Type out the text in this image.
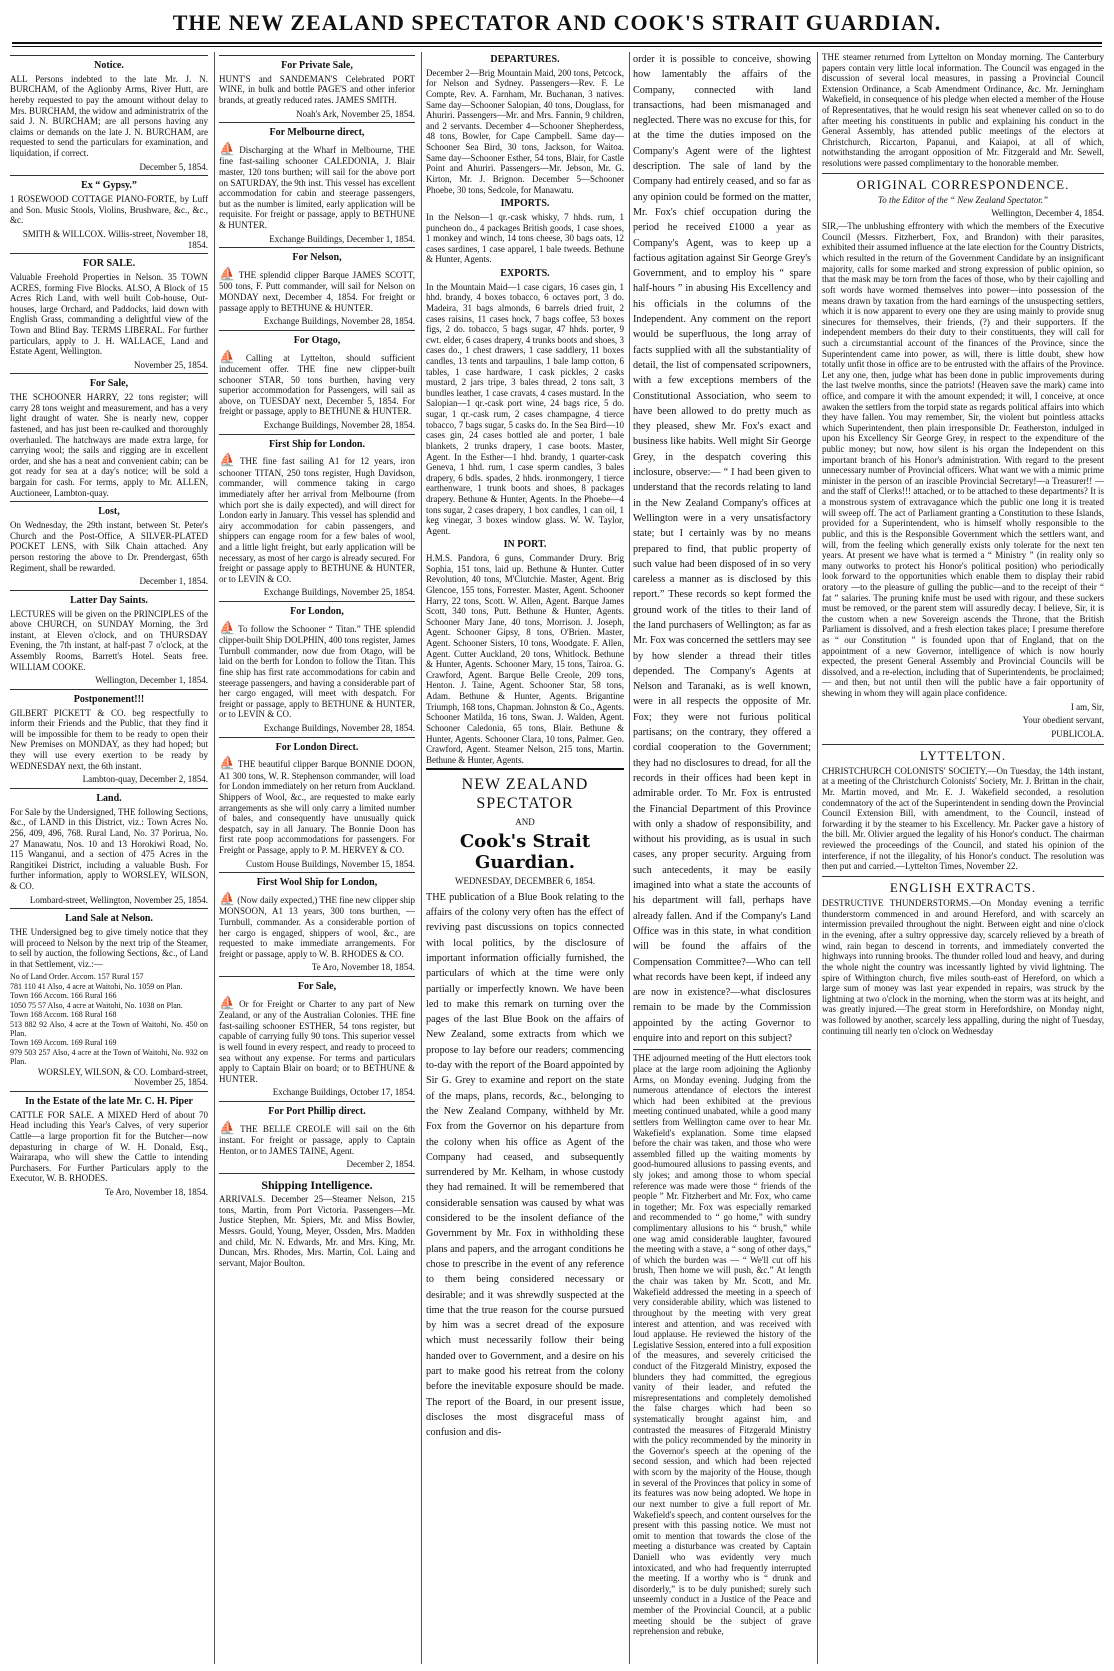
THE NEW ZEALAND SPECTATOR AND COOK'S STRAIT GUARDIAN.
Notice.

ALL Persons indebted to the late Mr. J. N. BURCHAM, of the Aglionby Arms, River Hutt, are hereby requested to pay the amount without delay to Mrs. BURCHAM, the widow and administratrix of the said J. N. BURCHAM; are all persons having any claims or demands on the late J. N. BURCHAM, are requested to send the particulars for examination, and liquidation, if correct.

December 5, 1854.

Ex “ Gypsy.”

1 ROSEWOOD COTTAGE PIANO-FORTE, by Luff and Son. Music Stools, Violins, Brushware, &c., &c., &c.

SMITH & WILLCOX. Willis-street, November 18, 1854.

FOR SALE.

Valuable Freehold Properties in Nelson. 35 TOWN ACRES, forming Five Blocks. ALSO, A Block of 15 Acres Rich Land, with well built Cob-house, Out-houses, large Orchard, and Paddocks, laid down with English Grass, commanding a delightful view of the Town and Blind Bay. TERMS LIBERAL. For further particulars, apply to J. H. WALLACE, Land and Estate Agent, Wellington.

November 25, 1854.

For Sale,

THE SCHOONER HARRY, 22 tons register; will carry 28 tons weight and measurement, and has a very light draught of water. She is nearly new, copper fastened, and has just been re-caulked and thoroughly overhauled. The hatchways are made extra large, for carrying wool; the sails and rigging are in excellent order, and she has a neat and convenient cabin; can be got ready for sea at a day's notice; will be sold a bargain for cash. For terms, apply to Mr. ALLEN, Auctioneer, Lambton-quay.

Lost,

On Wednesday, the 29th instant, between St. Peter's Church and the Post-Office, A SILVER-PLATED POCKET LENS, with Silk Chain attached. Any person restoring the above to Dr. Prendergast, 65th Regiment, shall be rewarded.

December 1, 1854.

Latter Day Saints.

LECTURES will be given on the PRINCIPLES of the above CHURCH, on SUNDAY Morning, the 3rd instant, at Eleven o'clock, and on THURSDAY Evening, the 7th instant, at half-past 7 o'clock, at the Assembly Rooms, Barrett's Hotel. Seats free. WILLIAM COOKE.

Wellington, December 1, 1854.

Postponement!!!

GILBERT PICKETT & CO. beg respectfully to inform their Friends and the Public, that they find it will be impossible for them to be ready to open their New Premises on MONDAY, as they had hoped; but they will use every exertion to be ready by WEDNESDAY next, the 6th instant.

Lambton-quay, December 2, 1854.

Land.

For Sale by the Undersigned, THE following Sections, &c., of LAND in this District, viz.: Town Acres No. 256, 409, 496, 768. Rural Land, No. 37 Porirua, No. 27 Manawatu, Nos. 10 and 13 Horokiwi Road, No. 115 Wanganui, and a section of 475 Acres in the Rangitikei District, including a valuable Bush. For further information, apply to WORSLEY, WILSON, & CO.

Lombard-street, Wellington, November 25, 1854.

Land Sale at Nelson.

THE Undersigned beg to give timely notice that they will proceed to Nelson by the next trip of the Steamer, to sell by auction, the following Sections, &c., of Land in that Settlement, viz.:—

No of Land Order. Accom. 157 Rural 157
781 110 41 Also, 4 acre at Waitohi, No. 1059 on Plan.
Town 166 Accom. 166 Rural 166
1050 75 57 Also, 4 acre at Waitohi, No. 1038 on Plan.
Town 168 Accom. 168 Rural 168
513 882 92 Also, 4 acre at the Town of Waitohi, No. 450 on Plan.
Town 169 Accom. 169 Rural 169
979 503 257 Also, 4 acre at the Town of Waitohi, No. 932 on Plan.

WORSLEY, WILSON, & CO. Lombard-street, November 25, 1854.

In the Estate of the late Mr. C. H. Piper

CATTLE FOR SALE. A MIXED Herd of about 70 Head including this Year's Calves, of very superior Cattle—a large proportion fit for the Butcher—now depasturing in charge of W. H. Donald, Esq., Wairarapa, who will shew the Cattle to intending Purchasers. For Further Particulars apply to the Executor, W. B. RHODES.

Te Aro, November 18, 1854.

For Private Sale,

HUNT'S and SANDEMAN'S Celebrated PORT WINE, in bulk and bottle PAGE'S and other inferior brands, at greatly reduced rates. JAMES SMITH.

Noah's Ark, November 25, 1854.

For Melbourne direct,

⛵ Discharging at the Wharf in Melbourne, THE fine fast-sailing schooner CALEDONIA, J. Blair master, 120 tons burthen; will sail for the above port on SATURDAY, the 9th inst. This vessel has excellent accommodation for cabin and steerage passengers, but as the number is limited, early application will be requisite. For freight or passage, apply to BETHUNE & HUNTER.

Exchange Buildings, December 1, 1854.

For Nelson,

⛵ THE splendid clipper Barque JAMES SCOTT, 500 tons, F. Putt commander, will sail for Nelson on MONDAY next, December 4, 1854. For freight or passage apply to BETHUNE & HUNTER.

Exchange Buildings, November 28, 1854.

For Otago,

⛵ Calling at Lyttelton, should sufficient inducement offer. THE fine new clipper-built schooner STAR, 50 tons burthen, having very superior accommodation for Passengers, will sail as above, on TUESDAY next, December 5, 1854. For freight or passage, apply to BETHUNE & HUNTER.

Exchange Buildings, November 28, 1854.

First Ship for London.

⛵ THE fine fast sailing A1 for 12 years, iron schooner TITAN, 250 tons register, Hugh Davidson, commander, will commence taking in cargo immediately after her arrival from Melbourne (from which port she is daily expected), and will direct for London early in January. This vessel has splendid and airy accommodation for cabin passengers, and shippers can engage room for a few bales of wool, and a little light freight, but early application will be necessary, as most of her cargo is already secured. For freight or passage apply to BETHUNE & HUNTER, or to LEVIN & CO.

Exchange Buildings, November 25, 1854.

For London,

⛵ To follow the Schooner “ Titan.” THE splendid clipper-built Ship DOLPHIN, 400 tons register, James Turnbull commander, now due from Otago, will be laid on the berth for London to follow the Titan. This fine ship has first rate accommodations for cabin and steerage passengers, and having a considerable part of her cargo engaged, will meet with despatch. For freight or passage, apply to BETHUNE & HUNTER, or to LEVIN & CO.

Exchange Buildings, November 28, 1854.

For London Direct.

⛵ THE beautiful clipper Barque BONNIE DOON, A1 300 tons, W. R. Stephenson commander, will load for London immediately on her return from Auckland. Shippers of Wool, &c., are requested to make early arrangements as she will only carry a limited number of bales, and consequently have unusually quick despatch, say in all January. The Bonnie Doon has first rate poop accommodations for passengers. For Freight or Passage, apply to P. M. HERVEY & CO.

Custom House Buildings, November 15, 1854.

First Wool Ship for London,

⛵ (Now daily expected,) THE fine new clipper ship MONSOON, A1 13 years, 300 tons burthen, — Turnbull, commander. As a considerable portion of her cargo is engaged, shippers of wool, &c., are requested to make immediate arrangements. For freight or passage, apply to W. B. RHODES & CO.

Te Aro, November 18, 1854.

For Sale,

⛵ Or for Freight or Charter to any part of New Zealand, or any of the Australian Colonies. THE fine fast-sailing schooner ESTHER, 54 tons register, but capable of carrying fully 90 tons. This superior vessel is well found in every respect, and ready to proceed to sea without any expense. For terms and particulars apply to Captain Blair on board; or to BETHUNE & HUNTER.

Exchange Buildings, October 17, 1854.

For Port Phillip direct.

⛵ THE BELLE CREOLE will sail on the 6th instant. For freight or passage, apply to Captain Henton, or to JAMES TAINE, Agent.

December 2, 1854.

Shipping Intelligence.

ARRIVALS. December 25—Steamer Nelson, 215 tons, Martin, from Port Victoria. Passengers—Mr. Justice Stephen, Mr. Spiers, Mr. and Miss Bowler, Messrs. Gould, Young, Meyer, Ossden, Mrs. Madden and child, Mr. N. Edwards, Mr. and Mrs. King, Mr. Duncan, Mrs. Rhodes, Mrs. Martin, Col. Laing and servant, Major Boulton.

DEPARTURES.

December 2—Brig Mountain Maid, 200 tons, Petcock, for Nelson and Sydney. Passengers—Rev. F. Le Compte, Rev. A. Farnham, Mr. Buchanan, 3 natives. Same day—Schooner Salopian, 40 tons, Douglass, for Ahuriri. Passengers—Mr. and Mrs. Fannin, 9 children, and 2 servants. December 4—Schooner Shepherdess, 48 tons, Bowler, for Cape Campbell. Same day—Schooner Sea Bird, 30 tons, Jackson, for Waitoa. Same day—Schooner Esther, 54 tons, Blair, for Castle Point and Ahuriri. Passengers—Mr. Jebson, Mr. G. Kirton, Mr. J. Brignon. December 5—Schooner Phoebe, 30 tons, Sedcole, for Manawatu.

IMPORTS.

In the Nelson—1 qr.-cask whisky, 7 hhds. rum, 1 puncheon do., 4 packages British goods, 1 case shoes, 1 monkey and winch, 14 tons cheese, 30 bags oats, 12 cases sardines, 1 case apparel, 1 bale tweeds. Bethune & Hunter, Agents.

EXPORTS.

In the Mountain Maid—1 case cigars, 16 cases gin, 1 hhd. brandy, 4 boxes tobacco, 6 octaves port, 3 do. Madeira, 31 bags almonds, 6 barrels dried fruit, 2 cases raisins, 11 cases hock, 7 bags coffee, 53 boxes figs, 2 do. tobacco, 5 bags sugar, 47 hhds. porter, 9 cwt. elder, 6 cases drapery, 4 trunks boots and shoes, 3 cases do., 1 chest drawers, 1 case saddlery, 11 boxes candles, 13 tents and tarpaulins, 1 bale lamp cotton, 6 tables, 1 case hardware, 1 cask pickles, 2 casks mustard, 2 jars tripe, 3 bales thread, 2 tons salt, 3 bundles leather, 1 case cravats, 4 cases mustard. In the Salopian—1 qr.-cask port wine, 24 bags rice, 5 do. sugar, 1 qr.-cask rum, 2 cases champagne, 4 tierce tobacco, 7 bags sugar, 5 casks do. In the Sea Bird—10 cases gin, 24 cases bottled ale and porter, 1 bale blankets, 2 trunks drapery, 1 case boots. Master, Agent. In the Esther—1 hhd. brandy, 1 quarter-cask Geneva, 1 hhd. rum, 1 case sperm candles, 3 bales drapery, 6 bdls. spades, 2 hhds. ironmongery, 1 tierce earthenware, 1 trunk boots and shoes, 8 packages drapery. Bethune & Hunter, Agents. In the Phoebe—4 tons sugar, 2 cases drapery, 1 box candles, 1 can oil, 1 keg vinegar, 3 boxes window glass. W. W. Taylor, Agent.

IN PORT.

H.M.S. Pandora, 6 guns, Commander Drury. Brig Sophia, 151 tons, laid up. Bethune & Hunter. Cutter Revolution, 40 tons, M'Clutchie. Master, Agent. Brig Glencoe, 155 tons, Forrester. Master, Agent. Schooner Harry, 22 tons, Scott. W. Allen, Agent. Barque James Scott, 340 tons, Putt. Bethune & Hunter, Agents. Schooner Mary Jane, 40 tons, Morrison. J. Joseph, Agent. Schooner Gipsy, 8 tons, O'Brien. Master, Agent. Schooner Sisters, 10 tons, Woodgate. F. Allen, Agent. Cutter Auckland, 20 tons, Whitlock. Bethune & Hunter, Agents. Schooner Mary, 15 tons, Tairoa. G. Crawford, Agent. Barque Belle Creole, 209 tons, Henton. J. Taine, Agent. Schooner Star, 58 tons, Adam. Bethune & Hunter, Agents. Brigantine Triumph, 168 tons, Chapman. Johnston & Co., Agents. Schooner Matilda, 16 tons, Swan. J. Walden, Agent. Schooner Caledonia, 65 tons, Blair. Bethune & Hunter, Agents. Schooner Clara, 10 tons, Palmer. Geo. Crawford, Agent. Steamer Nelson, 215 tons, Martin. Bethune & Hunter, Agents.

NEW ZEALAND SPECTATOR
AND
Cook's Strait Guardian.
WEDNESDAY, DECEMBER 6, 1854.

THE publication of a Blue Book relating to the affairs of the colony very often has the effect of reviving past discussions on topics connected with local politics, by the disclosure of important information officially furnished, the particulars of which at the time were only partially or imperfectly known. We have been led to make this remark on turning over the pages of the last Blue Book on the affairs of New Zealand, some extracts from which we propose to lay before our readers; commencing to-day with the report of the Board appointed by Sir G. Grey to examine and report on the state of the maps, plans, records, &c., belonging to the New Zealand Company, withheld by Mr. Fox from the Governor on his departure from the colony when his office as Agent of the Company had ceased, and subsequently surrendered by Mr. Kelham, in whose custody they had remained. It will be remembered that considerable sensation was caused by what was considered to be the insolent defiance of the Government by Mr. Fox in withholding these plans and papers, and the arrogant conditions he chose to prescribe in the event of any reference to them being considered necessary or desirable; and it was shrewdly suspected at the time that the true reason for the course pursued by him was a secret dread of the exposure which must necessarily follow their being handed over to Government, and a desire on his part to make good his retreat from the colony before the inevitable exposure should be made. The report of the Board, in our present issue, discloses the most disgraceful mass of confusion and dis-

order it is possible to conceive, showing how lamentably the affairs of the Company, connected with land transactions, had been mismanaged and neglected. There was no excuse for this, for at the time the duties imposed on the Company's Agent were of the lightest description. The sale of land by the Company had entirely ceased, and so far as any opinion could be formed on the matter, Mr. Fox's chief occupation during the period he received £1000 a year as Company's Agent, was to keep up a factious agitation against Sir George Grey's Government, and to employ his “ spare half-hours ” in abusing His Excellency and his officials in the columns of the Independent. Any comment on the report would be superfluous, the long array of facts supplied with all the substantiality of detail, the list of compensated scripowners, with a few exceptions members of the Constitutional Association, who seem to have been allowed to do pretty much as they pleased, shew Mr. Fox's exact and business like habits. Well might Sir George Grey, in the despatch covering this inclosure, observe:— “ I had been given to understand that the records relating to land in the New Zealand Company's offices at Wellington were in a very unsatisfactory state; but I certainly was by no means prepared to find, that public property of such value had been disposed of in so very careless a manner as is disclosed by this report.” These records so kept formed the ground work of the titles to their land of the land purchasers of Wellington; as far as Mr. Fox was concerned the settlers may see by how slender a thread their titles depended. The Company's Agents at Nelson and Taranaki, as is well known, were in all respects the opposite of Mr. Fox; they were not furious political partisans; on the contrary, they offered a cordial cooperation to the Government; they had no disclosures to dread, for all the records in their offices had been kept in admirable order. To Mr. Fox is entrusted the Financial Department of this Province with only a shadow of responsibility, and without his providing, as is usual in such cases, any proper security. Arguing from such antecedents, it may be easily imagined into what a state the accounts of his department will fall, perhaps have already fallen. And if the Company's Land Office was in this state, in what condition will be found the affairs of the Compensation Committee?—Who can tell what records have been kept, if indeed any are now in existence?—what disclosures remain to be made by the Commission appointed by the acting Governor to enquire into and report on this subject?

THE adjourned meeting of the Hutt electors took place at the large room adjoining the Aglionby Arms, on Monday evening. Judging from the numerous attendance of electors the interest which had been exhibited at the previous meeting continued unabated, while a good many settlers from Wellington came over to hear Mr. Wakefield's explanation. Some time elapsed before the chair was taken, and those who were assembled filled up the waiting moments by good-humoured allusions to passing events, and sly jokes; and among those to whom special reference was made were those “ friends of the people ” Mr. Fitzherbert and Mr. Fox, who came in together; Mr. Fox was especially remarked and recommended to “ go home,” with sundry complimentary allusions to his “ brush,” while one wag amid considerable laughter, favoured the meeting with a stave, a “ song of other days,” of which the burden was — “ We'll cut off his brush, Then home we will push, &c.” At length the chair was taken by Mr. Scott, and Mr. Wakefield addressed the meeting in a speech of very considerable ability, which was listened to throughout by the meeting with very great interest and attention, and was received with loud applause. He reviewed the history of the Legislative Session, entered into a full exposition of the measures, and severely criticised the conduct of the Fitzgerald Ministry, exposed the blunders they had committed, the egregious vanity of their leader, and refuted the misrepresentations and completely demolished the false charges which had been so systematically brought against him, and contrasted the measures of Fitzgerald Ministry with the policy recommended by the minority in the Governor's speech at the opening of the second session, and which had been rejected with scorn by the majority of the House, though in several of the Provinces that policy in some of its features was now being adopted. We hope in our next number to give a full report of Mr. Wakefield's speech, and content ourselves for the present with this passing notice. We must not omit to mention that towards the close of the meeting a disturbance was created by Captain Daniell who was evidently very much intoxicated, and who had frequently interrupted the meeting. If a worthy who is “ drunk and disorderly,” is to be duly punished; surely such unseemly conduct in a Justice of the Peace and member of the Provincial Council, at a public meeting should be the subject of grave reprehension and rebuke,

THE steamer returned from Lyttelton on Monday morning. The Canterbury papers contain very little local information. The Council was engaged in the discussion of several local measures, in passing a Provincial Council Extension Ordinance, a Scab Amendment Ordinance, &c. Mr. Jerningham Wakefield, in consequence of his pledge when elected a member of the House of Representatives, that he would resign his seat whenever called on so to do after meeting his constituents in public and explaining his conduct in the General Assembly, has attended public meetings of the electors at Christchurch, Riccarton, Papanui, and Kaiapoi, at all of which, notwithstanding the arrogant opposition of Mr. Fitzgerald and Mr. Sewell, resolutions were passed complimentary to the honorable member.

ORIGINAL CORRESPONDENCE.
To the Editor of the “ New Zealand Spectator.”
Wellington, December 4, 1854.

SIR,—The unblushing effrontery with which the members of the Executive Council (Messrs. Fitzherbert, Fox, and Brandon) with their parasites, exhibited their assumed influence at the late election for the Country Districts, which resulted in the return of the Government Candidate by an insignificant majority, calls for some marked and strong expression of public opinion, so that the mask may be torn from the faces of those, who by their cajolling and soft words have wormed themselves into power—into possession of the means drawn by taxation from the hard earnings of the unsuspecting settlers, which it is now apparent to every one they are using mainly to provide snug sinecures for themselves, their friends, (?) and their supporters. If the independent members do their duty to their constituents, they will call for such a circumstantial account of the finances of the Province, since the Superintendent came into power, as will, there is little doubt, shew how totally unfit those in office are to be entrusted with the affairs of the Province. Let any one, then, judge what has been done in public improvements during the last twelve months, since the patriots! (Heaven save the mark) came into office, and compare it with the amount expended; it will, I conceive, at once awaken the settlers from the torpid state as regards political affairs into which they have fallen. You may remember, Sir, the violent but pointless attacks which Superintendent, then plain irresponsible Dr. Featherston, indulged in upon his Excellency Sir George Grey, in respect to the expenditure of the public money; but now, how silent is his organ the Independent on this important branch of his Honor's administration. With regard to the present unnecessary number of Provincial officers. What want we with a mimic prime minister in the person of an irascible Provincial Secretary!—a Treasurer!! —and the staff of Clerks!!! attached, or to be attached to these departments? It is a monstrous system of extravagance which the public one long it is treated will sweep off. The act of Parliament granting a Constitution to these Islands, provided for a Superintendent, who is himself wholly responsible to the public, and this is the Responsible Government which the settlers want, and will, from the feeling which generally exists only tolerate for the next ten years. At present we have what is termed a “ Ministry ” (in reality only so many outworks to protect his Honor's political position) who periodically look forward to the opportunities which enable them to display their rabid oratory —to the pleasure of gulling the public—and to the receipt of their “ fat ” salaries. The pruning knife must be used with rigour, and these suckers must be removed, or the parent stem will assuredly decay. I believe, Sir, it is the custom when a new Sovereign ascends the Throne, that the British Parliament is dissolved, and a fresh election takes place; I presume therefore as “ our Constitution ” is founded upon that of England, that on the appointment of a new Governor, intelligence of which is now hourly expected, the present General Assembly and Provincial Councils will be dissolved, and a re-election, including that of Superintendents, be proclaimed;— and then, but not until then will the public have a fair opportunity of shewing in whom they will again place confidence.

I am, Sir,
Your obedient servant,
PUBLICOLA.
LYTTELTON.

CHRISTCHURCH COLONISTS' SOCIETY.—On Tuesday, the 14th instant, at a meeting of the Christchurch Colonists' Society, Mr. J. Brittan in the chair, Mr. Martin moved, and Mr. E. J. Wakefield seconded, a resolution condemnatory of the act of the Superintendent in sending down the Provincial Council Extension Bill, with amendment, to the Council, instead of forwarding it by the steamer to his Excellency. Mr. Packer gave a history of the bill. Mr. Olivier argued the legality of his Honor's conduct. The chairman reviewed the proceedings of the Council, and stated his opinion of the interference, if not the illegality, of his Honor's conduct. The resolution was then put and carried.—Lyttelton Times, November 22.

ENGLISH EXTRACTS.

DESTRUCTIVE THUNDERSTORMS.—On Monday evening a terrific thunderstorm commenced in and around Hereford, and with scarcely an intermission prevailed throughout the night. Between eight and nine o'clock in the evening, after a sultry oppressive day, scarcely relieved by a breath of wind, rain began to descend in torrents, and immediately converted the highways into running brooks. The thunder rolled loud and heavy, and during the whole night the country was incessantly lighted by vivid lightning. The spire of Withington church, five miles south-east of Hereford, on which a large sum of money was last year expended in repairs, was struck by the lightning at two o'clock in the morning, when the storm was at its height, and was greatly injured.—The great storm in Herefordshire, on Monday night, was followed by another, scarcely less appalling, during the night of Tuesday, continuing till nearly ten o'clock on Wednesday
